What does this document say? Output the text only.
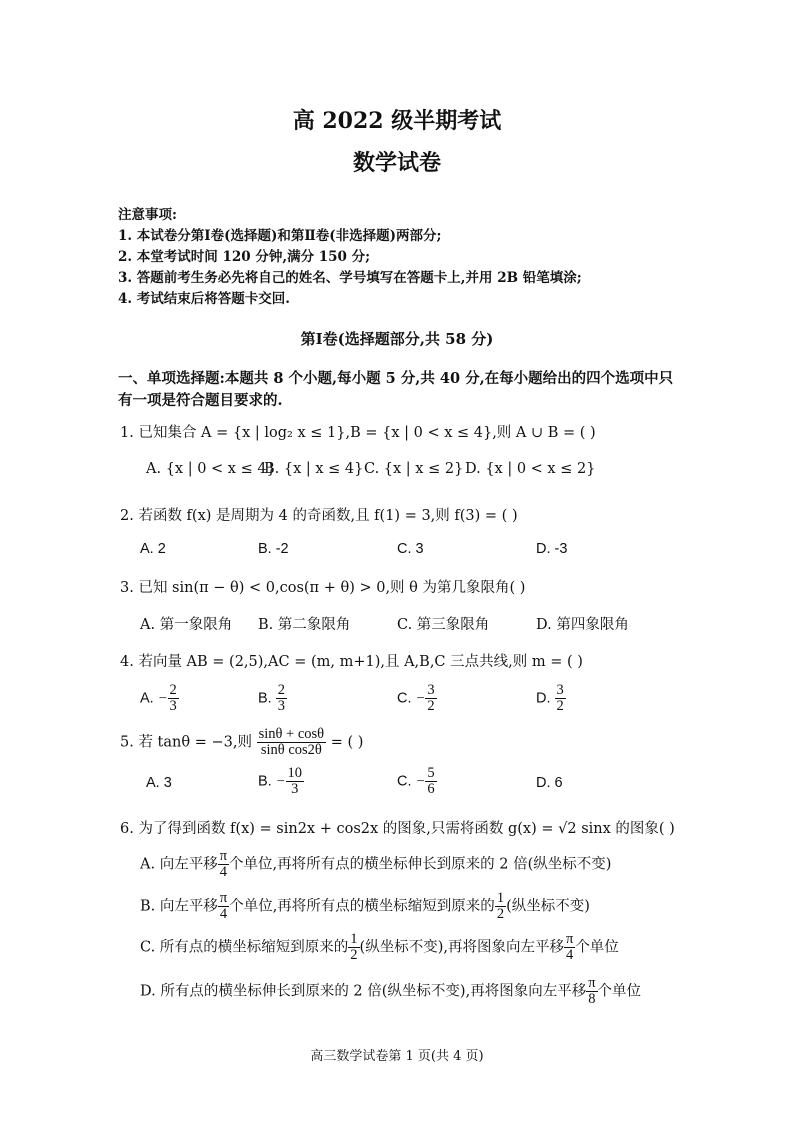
高 2022 级半期考试
数学试卷
注意事项:
1. 本试卷分第Ⅰ卷(选择题)和第Ⅱ卷(非选择题)两部分;
2. 本堂考试时间 120 分钟,满分 150 分;
3. 答题前考生务必先将自己的姓名、学号填写在答题卡上,并用 2B 铅笔填涂;
4. 考试结束后将答题卡交回.
第Ⅰ卷(选择题部分,共 58 分)
一、单项选择题:本题共 8 个小题,每小题 5 分,共 40 分,在每小题给出的四个选项中只
有一项是符合题目要求的.
1. 已知集合 A = {x | log₂ x ≤ 1},B = {x | 0 < x ≤ 4},则 A ∪ B = ( )
A. {x | 0 < x ≤ 4}
B. {x | x ≤ 4} C. {x | x ≤ 2} D. {x | 0 < x ≤ 2}
2. 若函数 f(x) 是周期为 4 的奇函数,且 f(1) = 3,则 f(3) = ( )
A. 2	B. -2	C. 3	D. -3
3. 已知 sin(π − θ) < 0,cos(π + θ) > 0,则 θ 为第几象限角( )
A. 第一象限角 B. 第二象限角	C. 第三象限角	D. 第四象限角
4. 若向量 AB = (2,5),AC = (m, m+1),且 A,B,C 三点共线,则 m = ( )
A. − $\frac{2}{3}$	B. $\frac{2}{3}$	C. − $\frac{3}{2}$	D. $\frac{3}{2}$
5. 若 tanθ = −3,则 $\frac{\sin\theta + \cos\theta}{\text{sinθ cos2θ}}$ = ( )
A. 3	B. − $\frac{10}{3}$	C. − $\frac{5}{6}$	D. 6
6. 为了得到函数 f(x) = sin2x + cos2x 的图象,只需将函数 g(x) = √2 sinx 的图象( )
A. 向左平移 $\frac{\pi}{4}$ 个单位,再将所有点的横坐标伸长到原来的 2 倍(纵坐标不变)
B. 向左平移 $\frac{\pi}{4}$ 个单位,再将所有点的横坐标缩短到原来的 $\frac{1}{2}$ (纵坐标不变)
C. 所有点的横坐标缩短到原来的 $\frac{1}{2}$ (纵坐标不变),再将图象向左平移 $\frac{\pi}{4}$ 个单位
D. 所有点的横坐标伸长到原来的 2 倍(纵坐标不变),再将图象向左平移 $\frac{\pi}{8}$ 个单位
高三数学试卷第 1 页(共 4 页)
